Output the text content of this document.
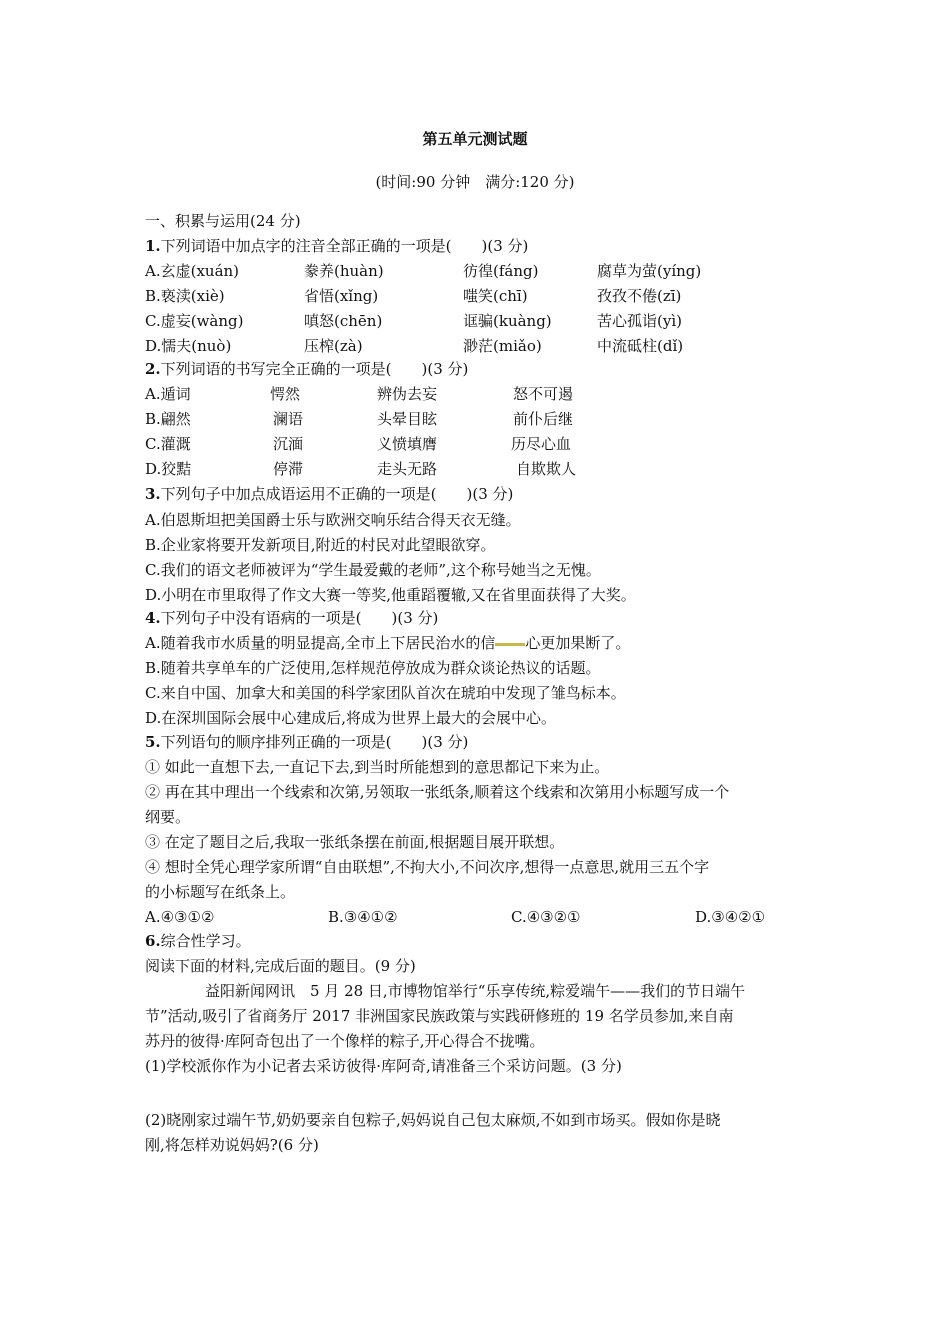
第五单元测试题
(时间:90 分钟　满分:120 分)
一、积累与运用(24 分)
1.下列词语中加点字的注音全部正确的一项是(　　)(3 分)
A.玄虚(xuán)	豢养(huàn)	彷徨(fáng)	腐草为萤(yíng)
B.亵渎(xiè)	省悟(xǐng)	嗤笑(chī)	孜孜不倦(zī)
C.虚妄(wàng)	嗔怒(chēn)	诓骗(kuàng)	苦心孤诣(yì)
D.懦夫(nuò)	压榨(zà)	渺茫(miǎo)	中流砥柱(dǐ)
2.下列词语的书写完全正确的一项是(　　)(3 分)
A.遁词	愕然	辨伪去妄	怒不可遏
B.翩然	澜语	头晕目眩	前仆后继
C.灌溉	沉湎	义愤填膺	历尽心血
D.狡黠	停滞	走头无路	自欺欺人
3.下列句子中加点成语运用不正确的一项是(　　)(3 分)
A.伯恩斯坦把美国爵士乐与欧洲交响乐结合得天衣无缝。
B.企业家将要开发新项目,附近的村民对此望眼欲穿。
C.我们的语文老师被评为“学生最爱戴的老师”,这个称号她当之无愧。
D.小明在市里取得了作文大赛一等奖,他重蹈覆辙,又在省里面获得了大奖。
4.下列句子中没有语病的一项是(　　)(3 分)
A.随着我市水质量的明显提高,全市上下居民治水的信 心更加果断了。
B.随着共享单车的广泛使用,怎样规范停放成为群众谈论热议的话题。
C.来自中国、加拿大和美国的科学家团队首次在琥珀中发现了雏鸟标本。
D.在深圳国际会展中心建成后,将成为世界上最大的会展中心。
5.下列语句的顺序排列正确的一项是(　　)(3 分)
① 如此一直想下去,一直记下去,到当时所能想到的意思都记下来为止。
② 再在其中理出一个线索和次第,另领取一张纸条,顺着这个线索和次第用小标题写成一个
纲要。
③ 在定了题目之后,我取一张纸条摆在前面,根据题目展开联想。
④ 想时全凭心理学家所谓“自由联想”,不拘大小,不问次序,想得一点意思,就用三五个字
的小标题写在纸条上。
A.④③①②	B.③④①②	C.④③②①	D.③④②①
6.综合性学习。
阅读下面的材料,完成后面的题目。(9 分)
益阳新闻网讯　5 月 28 日,市博物馆举行“乐享传统,粽爱端午——我们的节日端午
节”活动,吸引了省商务厅 2017 非洲国家民族政策与实践研修班的 19 名学员参加,来自南
苏丹的彼得·库阿奇包出了一个像样的粽子,开心得合不拢嘴。
(1)学校派你作为小记者去采访彼得·库阿奇,请准备三个采访问题。(3 分)
(2)晓刚家过端午节,奶奶要亲自包粽子,妈妈说自己包太麻烦,不如到市场买。假如你是晓
刚,将怎样劝说妈妈?(6 分)
